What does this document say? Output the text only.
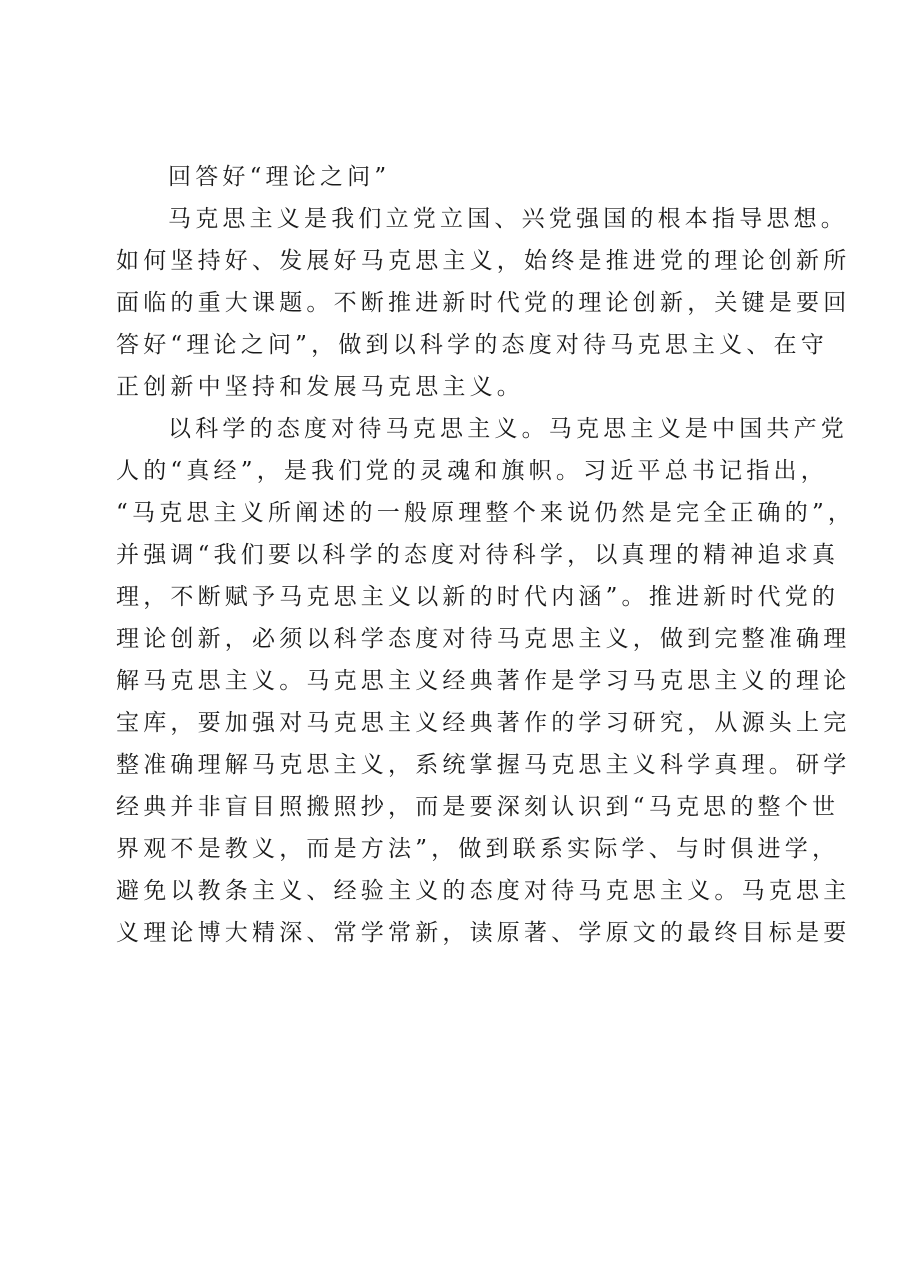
回答好“理论之问”
马克思主义是我们立党立国、兴党强国的根本指导思想。
如何坚持好、发展好马克思主义，始终是推进党的理论创新所
面临的重大课题。不断推进新时代党的理论创新，关键是要回
答好“理论之问”，做到以科学的态度对待马克思主义、在守
正创新中坚持和发展马克思主义。
以科学的态度对待马克思主义。马克思主义是中国共产党
人的“真经”，是我们党的灵魂和旗帜。习近平总书记指出，
“马克思主义所阐述的一般原理整个来说仍然是完全正确的”，
并强调“我们要以科学的态度对待科学，以真理的精神追求真
理，不断赋予马克思主义以新的时代内涵”。推进新时代党的
理论创新，必须以科学态度对待马克思主义，做到完整准确理
解马克思主义。马克思主义经典著作是学习马克思主义的理论
宝库，要加强对马克思主义经典著作的学习研究，从源头上完
整准确理解马克思主义，系统掌握马克思主义科学真理。研学
经典并非盲目照搬照抄，而是要深刻认识到“马克思的整个世
界观不是教义，而是方法”，做到联系实际学、与时俱进学，
避免以教条主义、经验主义的态度对待马克思主义。马克思主
义理论博大精深、常学常新，读原著、学原文的最终目标是要
